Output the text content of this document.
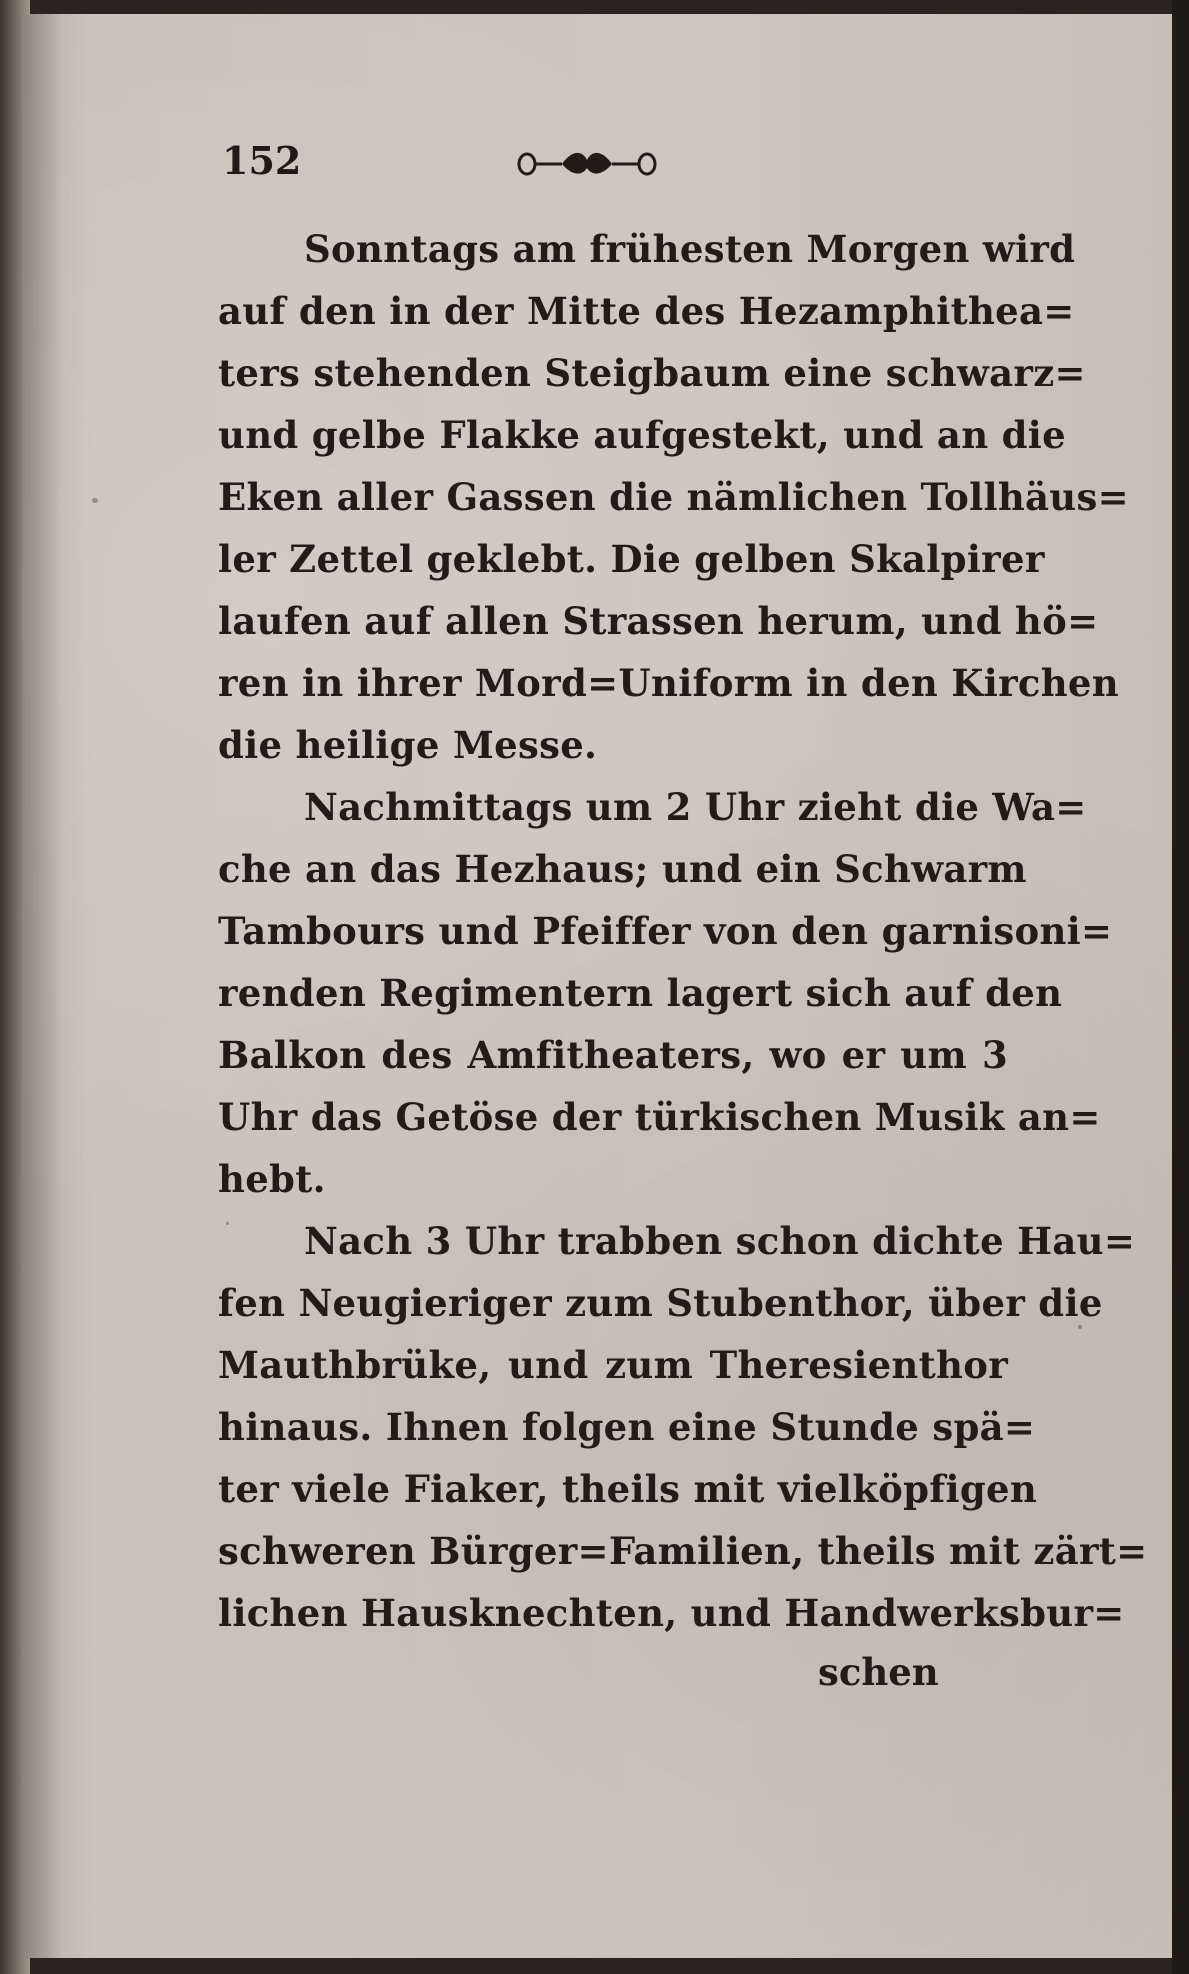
152
Sonntags am frühesten Morgen wird
auf den in der Mitte des Hezamphithea=
ters stehenden Steigbaum eine schwarz=
und gelbe Flakke aufgestekt, und an die
Eken aller Gassen die nämlichen Tollhäus=
ler Zettel geklebt. Die gelben Skalpirer
laufen auf allen Strassen herum, und hö=
ren in ihrer Mord=Uniform in den Kirchen
die heilige Messe.
Nachmittags um 2 Uhr zieht die Wa=
che an das Hezhaus; und ein Schwarm
Tambours und Pfeiffer von den garnisoni=
renden Regimentern lagert sich auf den
Balkon des Amfitheaters, wo er um 3
Uhr das Getöse der türkischen Musik an=
hebt.
Nach 3 Uhr trabben schon dichte Hau=
fen Neugieriger zum Stubenthor, über die
Mauthbrüke, und zum Theresienthor
hinaus. Ihnen folgen eine Stunde spä=
ter viele Fiaker, theils mit vielköpfigen
schweren Bürger=Familien, theils mit zärt=
lichen Hausknechten, und Handwerksbur=
schen
